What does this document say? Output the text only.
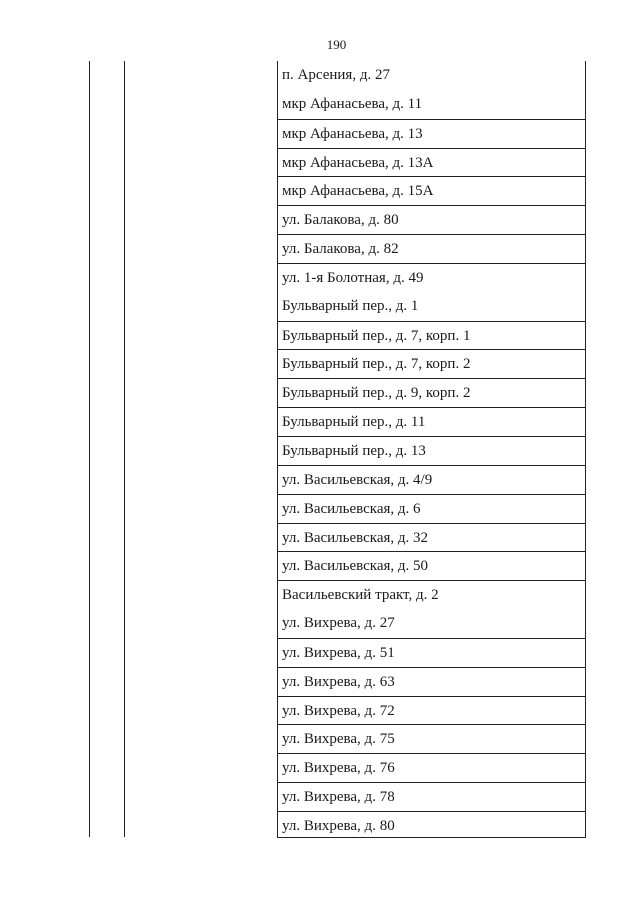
190
п. Арсения, д. 27
мкр Афанасьева, д. 11
мкр Афанасьева, д. 13
мкр Афанасьева, д. 13А
мкр Афанасьева, д. 15А
ул. Балакова, д. 80
ул. Балакова, д. 82
ул. 1-я Болотная, д. 49
Бульварный пер., д. 1
Бульварный пер., д. 7, корп. 1
Бульварный пер., д. 7, корп. 2
Бульварный пер., д. 9, корп. 2
Бульварный пер., д. 11
Бульварный пер., д. 13
ул. Васильевская, д. 4/9
ул. Васильевская, д. 6
ул. Васильевская, д. 32
ул. Васильевская, д. 50
Васильевский тракт, д. 2
ул. Вихрева, д. 27
ул. Вихрева, д. 51
ул. Вихрева, д. 63
ул. Вихрева, д. 72
ул. Вихрева, д. 75
ул. Вихрева, д. 76
ул. Вихрева, д. 78
ул. Вихрева, д. 80
